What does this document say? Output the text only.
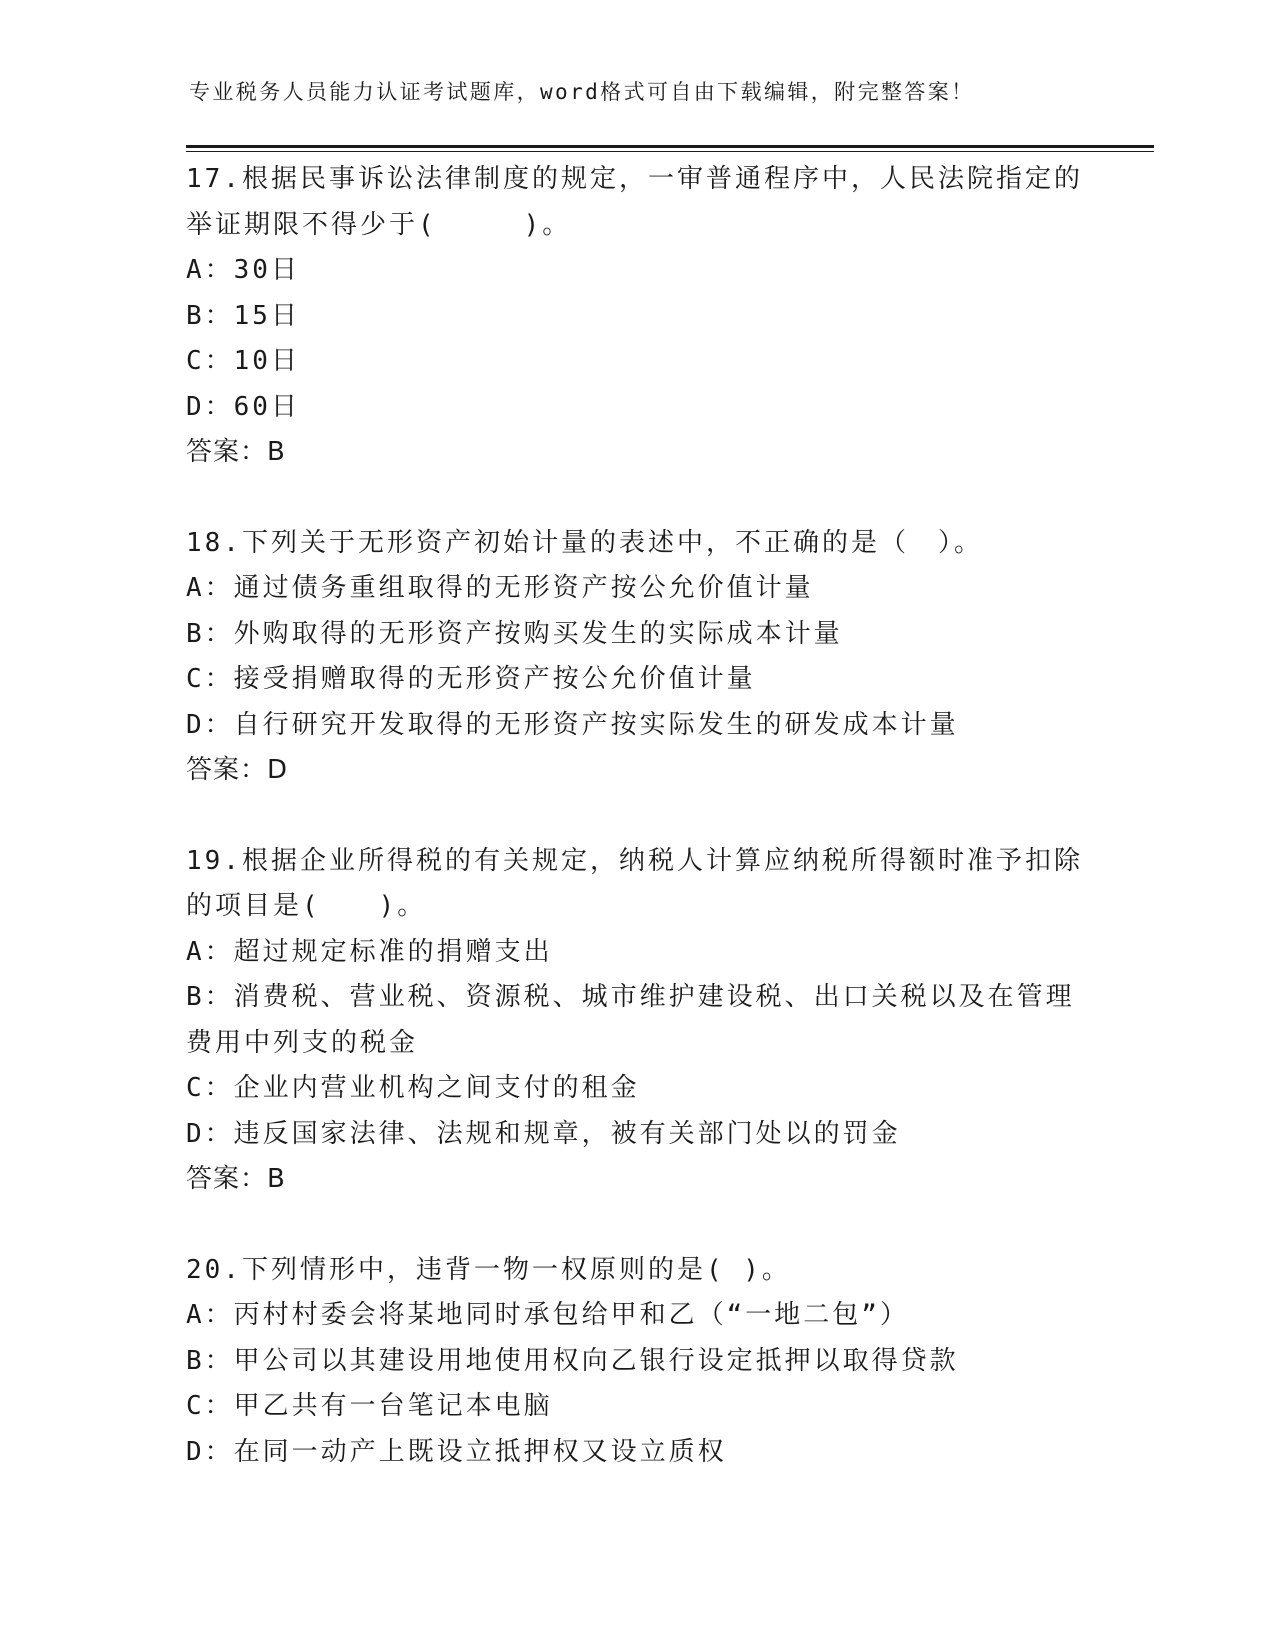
专业税务人员能力认证考试题库，word格式可自由下载编辑，附完整答案！

17.根据民事诉讼法律制度的规定，一审普通程序中，人民法院指定的

举证期限不得少于(　　　)。

A：30日

B：15日

C：10日

D：60日

答案：B

18.下列关于无形资产初始计量的表述中，不正确的是（　）。

A：通过债务重组取得的无形资产按公允价值计量

B：外购取得的无形资产按购买发生的实际成本计量

C：接受捐赠取得的无形资产按公允价值计量

D：自行研究开发取得的无形资产按实际发生的研发成本计量

答案：D

19.根据企业所得税的有关规定，纳税人计算应纳税所得额时准予扣除

的项目是(　　)。

A：超过规定标准的捐赠支出

B：消费税、营业税、资源税、城市维护建设税、出口关税以及在管理

费用中列支的税金

C：企业内营业机构之间支付的租金

D：违反国家法律、法规和规章，被有关部门处以的罚金

答案：B

20.下列情形中，违背一物一权原则的是( )。

A：丙村村委会将某地同时承包给甲和乙（“一地二包”）

B：甲公司以其建设用地使用权向乙银行设定抵押以取得贷款

C：甲乙共有一台笔记本电脑

D：在同一动产上既设立抵押权又设立质权
